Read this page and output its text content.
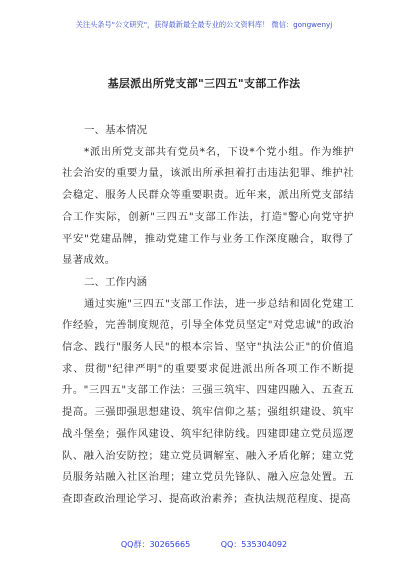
关注头条号"公文研究"，获得最新最全最专业的公文资料库！ 微信：gongwenyj
基层派出所党支部"三四五"支部工作法

一、基本情况

*派出所党支部共有党员*名，下设*个党小组。作为维护社会治安的重要力量，该派出所承担着打击违法犯罪、维护社会稳定、服务人民群众等重要职责。近年来，派出所党支部结合工作实际，创新"三四五"支部工作法，打造"警心向党守护平安"党建品牌，推动党建工作与业务工作深度融合，取得了显著成效。

二、工作内涵

通过实施"三四五"支部工作法，进一步总结和固化党建工作经验，完善制度规范，引导全体党员坚定"对党忠诚"的政治信念、践行"服务人民"的根本宗旨、坚守"执法公正"的价值追求、贯彻"纪律严明"的重要要求促进派出所各项工作不断提升。"三四五"支部工作法：三强三筑牢、四建四融入、五查五提高。三强即强思想建设、筑牢信仰之基；强组织建设、筑牢战斗堡垒；强作风建设、筑牢纪律防线。四建即建立党员巡逻队、融入治安防控；建立党员调解室、融入矛盾化解；建立党员服务站融入社区治理；建立党员先锋队、融入应急处置。五查即查政治理论学习、提高政治素养；查执法规范程度、提高

QQ群：30265665	QQ：535304092
